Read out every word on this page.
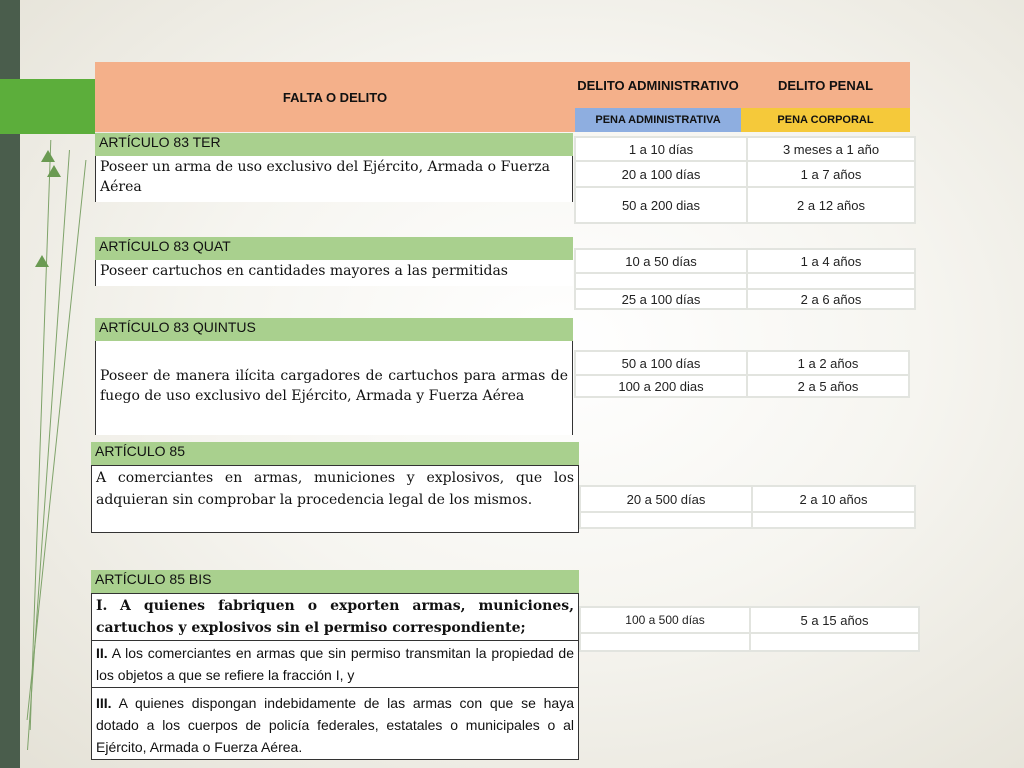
FALTA O DELITO
DELITO ADMINISTRATIVO	DELITO PENAL
PENA ADMINISTRATIVA	PENA CORPORAL
ARTÍCULO 83 TER
Poseer un arma de uso exclusivo del Ejército, Armada o Fuerza Aérea
1 a 10 días	3 meses a 1 año
20 a 100 días	1 a 7 años
50 a 200 dias	2 a 12 años
ARTÍCULO 83 QUAT
Poseer cartuchos en cantidades mayores a las permitidas
10 a 50 días	1 a 4 años

25 a 100 días	2 a 6 años
ARTÍCULO 83 QUINTUS
Poseer de manera ilícita cargadores de cartuchos para armas de fuego de uso exclusivo del Ejército, Armada y Fuerza Aérea
50 a 100 días	1 a 2 años
100 a 200 dias	2 a 5 años
ARTÍCULO 85
A comerciantes en armas, municiones y explosivos, que los adquieran sin comprobar la procedencia legal de los mismos.	20 a 500 días	2 a 10 años

ARTÍCULO 85 BIS
I. A quienes fabriquen o exporten armas, municiones, cartuchos y explosivos sin el permiso correspondiente;
II. A los comerciantes en armas que sin permiso transmitan la propiedad de los objetos a que se refiere la fracción I, y
III. A quienes dispongan indebidamente de las armas con que se haya dotado a los cuerpos de policía federales, estatales o municipales o al Ejército, Armada o Fuerza Aérea.
100 a 500 días	5 a 15 años
